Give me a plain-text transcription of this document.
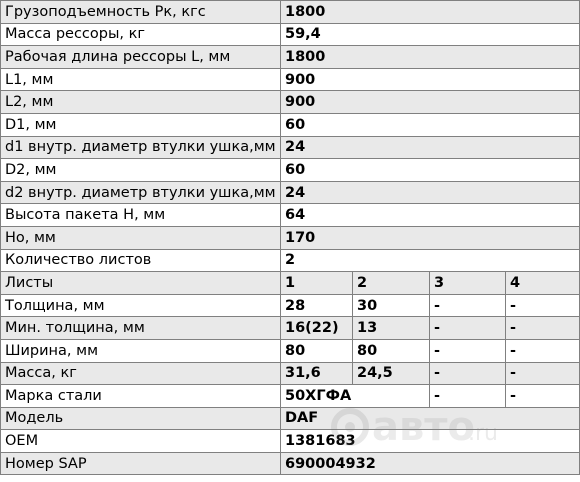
Грузоподъемность Pк, кгс	1800			
Масса рессоры, кг	59,4			
Рабочая длина рессоры L, мм	1800			
L1, мм	900			
L2, мм	900			
D1, мм	60			
d1 внутр. диаметр втулки ушка,мм	24			
D2, мм	60			
d2 внутр. диаметр втулки ушка,мм	24			
Высота пакета H, мм	64			
Ho, мм	170			
Количество листов	2			
Листы	1	2	3	4
Толщина, мм	28	30	-	-
Мин. толщина, мм	16(22)	13	-	-
Ширина, мм	80	80	-	-
Масса, кг	31,6	24,5	-	-
Марка стали	50ХГФА		-	-
Модель	DAF			
OEM	1381683			
Номер SAP	690004932			
